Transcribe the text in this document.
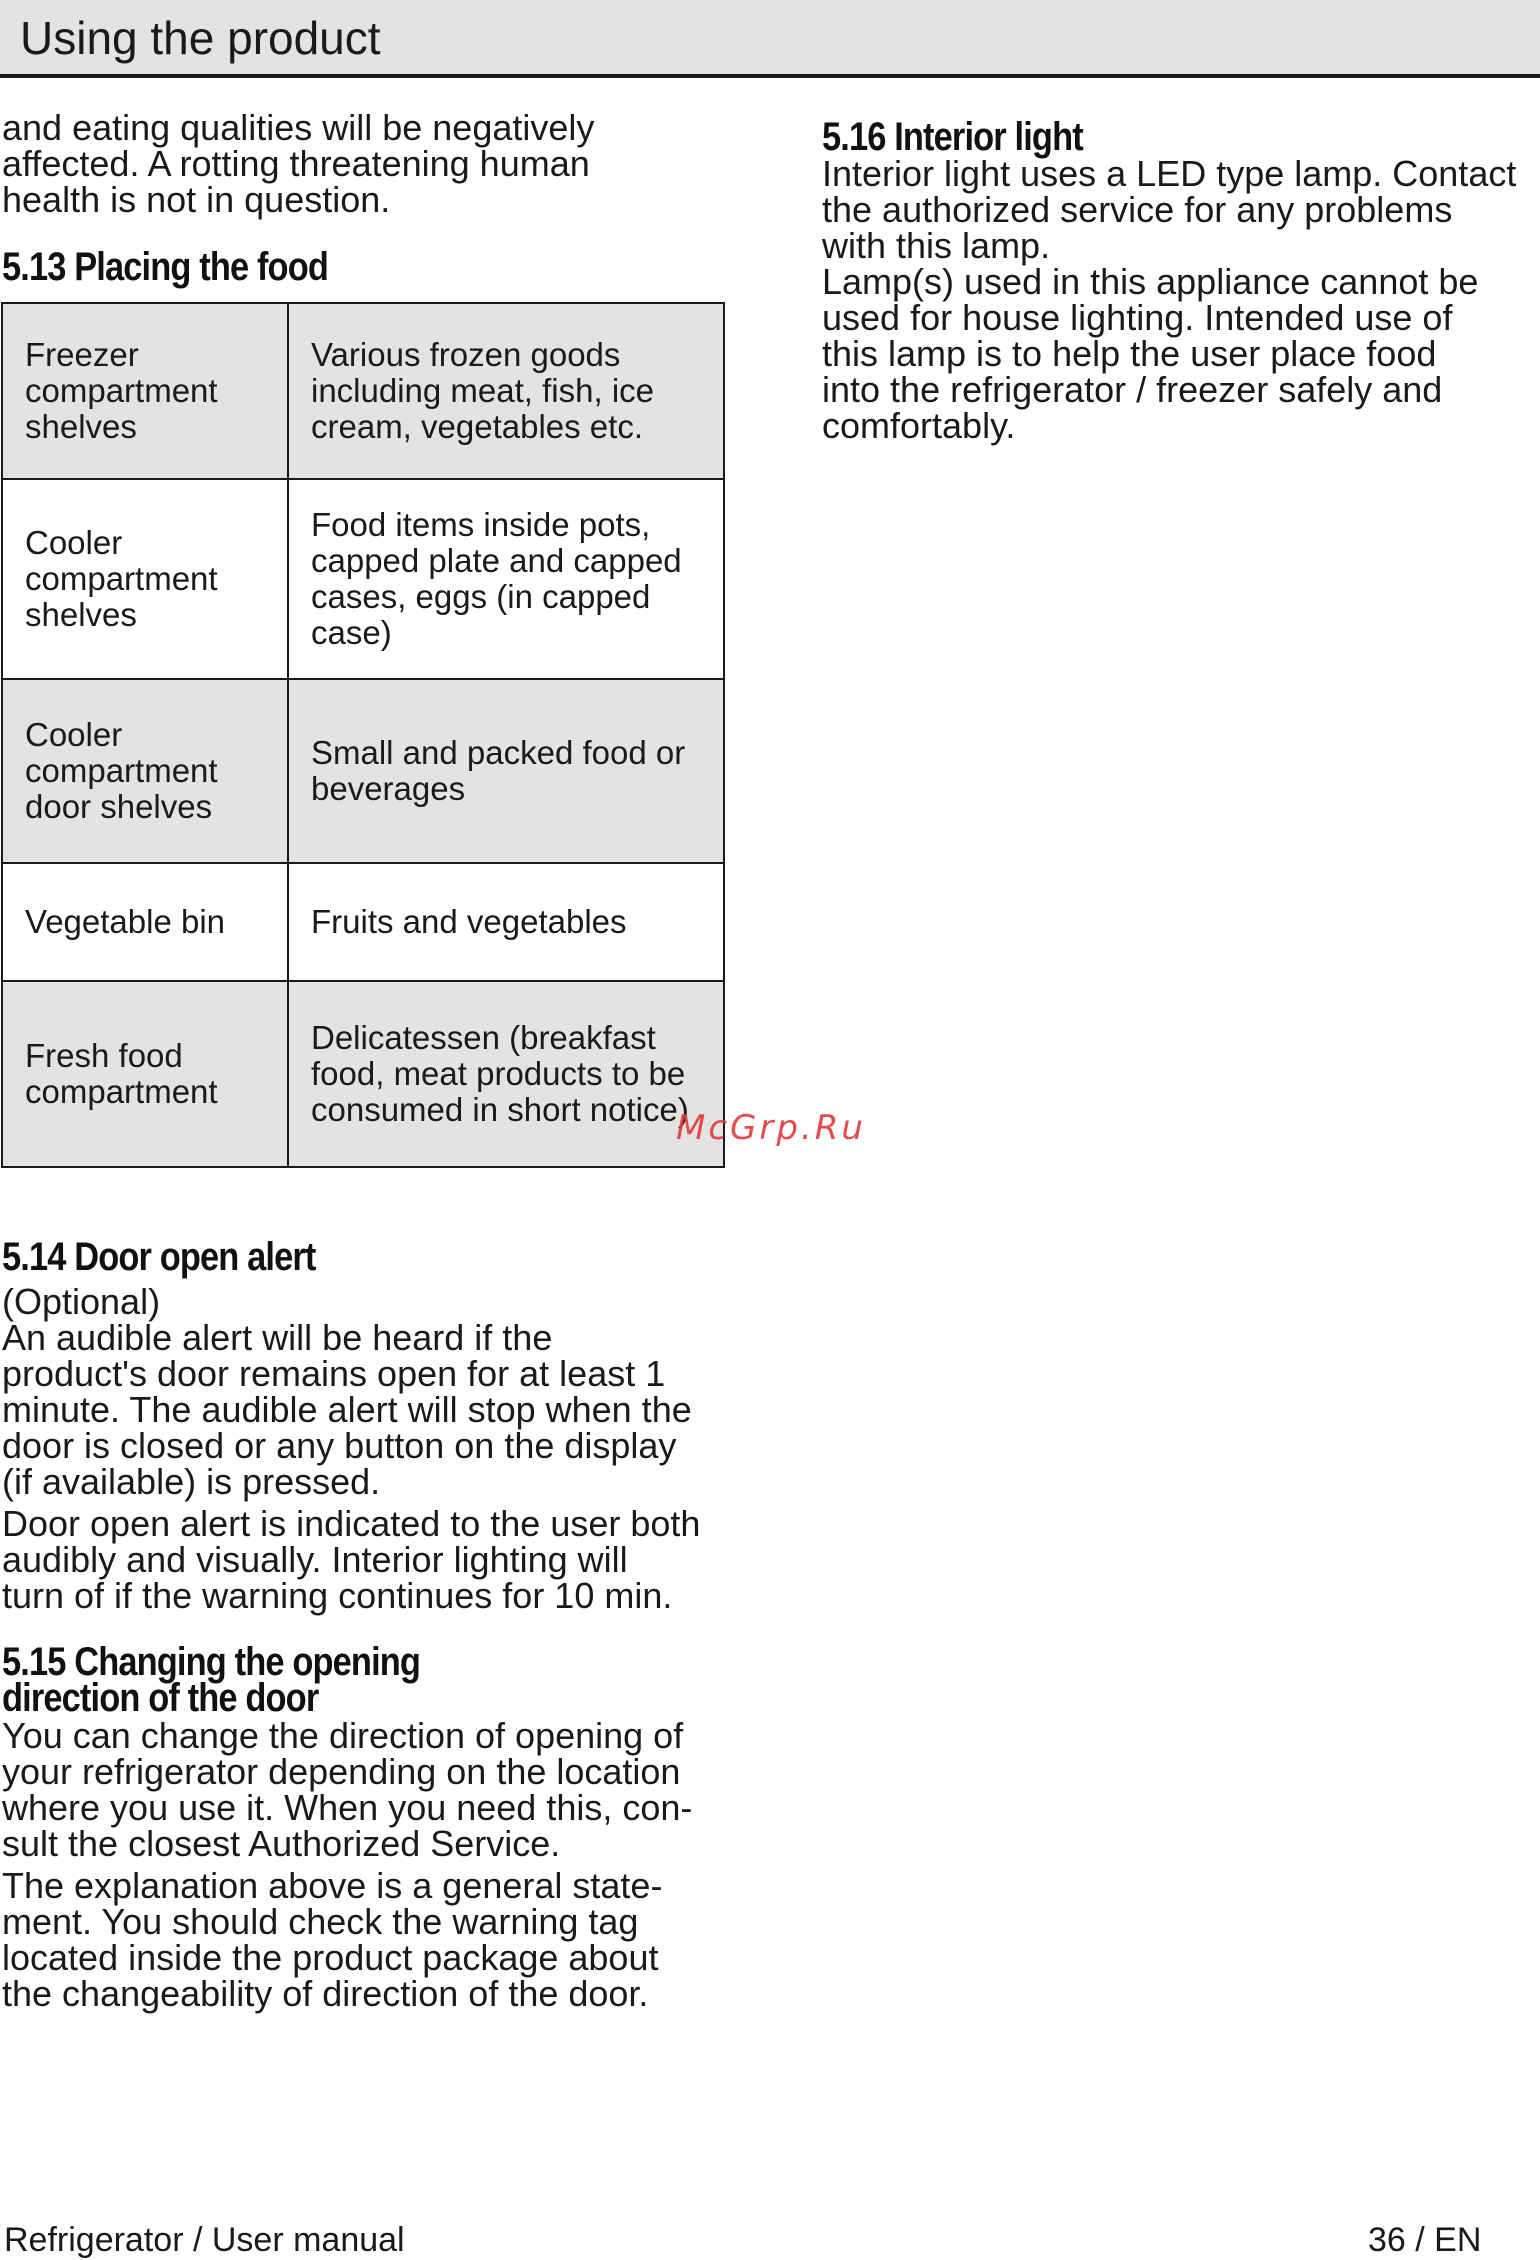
Using the product
and eating qualities will be negatively
affected. A rotting threatening human
health is not in question.
5.13 Placing the food
Freezer compartment shelves	Various frozen goods including meat, fish, ice cream, vegetables etc.
Cooler compartment shelves	Food items inside pots, capped plate and capped cases, eggs (in capped case)
Cooler compartment door shelves	Small and packed food or beverages
Vegetable bin	Fruits and vegetables
Fresh food compartment	Delicatessen (breakfast food, meat products to be consumed in short notice)
McGrp.Ru
5.14 Door open alert
(Optional)
An audible alert will be heard if the
product's door remains open for at least 1
minute. The audible alert will stop when the
door is closed or any button on the display
(if available) is pressed.
Door open alert is indicated to the user both
audibly and visually. Interior lighting will
turn of if the warning continues for 10 min.
5.15 Changing the opening
direction of the door
You can change the direction of opening of
your refrigerator depending on the location
where you use it. When you need this, con-
sult the closest Authorized Service.
The explanation above is a general state-
ment. You should check the warning tag
located inside the product package about
the changeability of direction of the door.
5.16 Interior light
Interior light uses a LED type lamp. Contact
the authorized service for any problems
with this lamp.
Lamp(s) used in this appliance cannot be
used for house lighting. Intended use of
this lamp is to help the user place food
into the refrigerator / freezer safely and
comfortably.
Refrigerator / User manual	36 / EN
